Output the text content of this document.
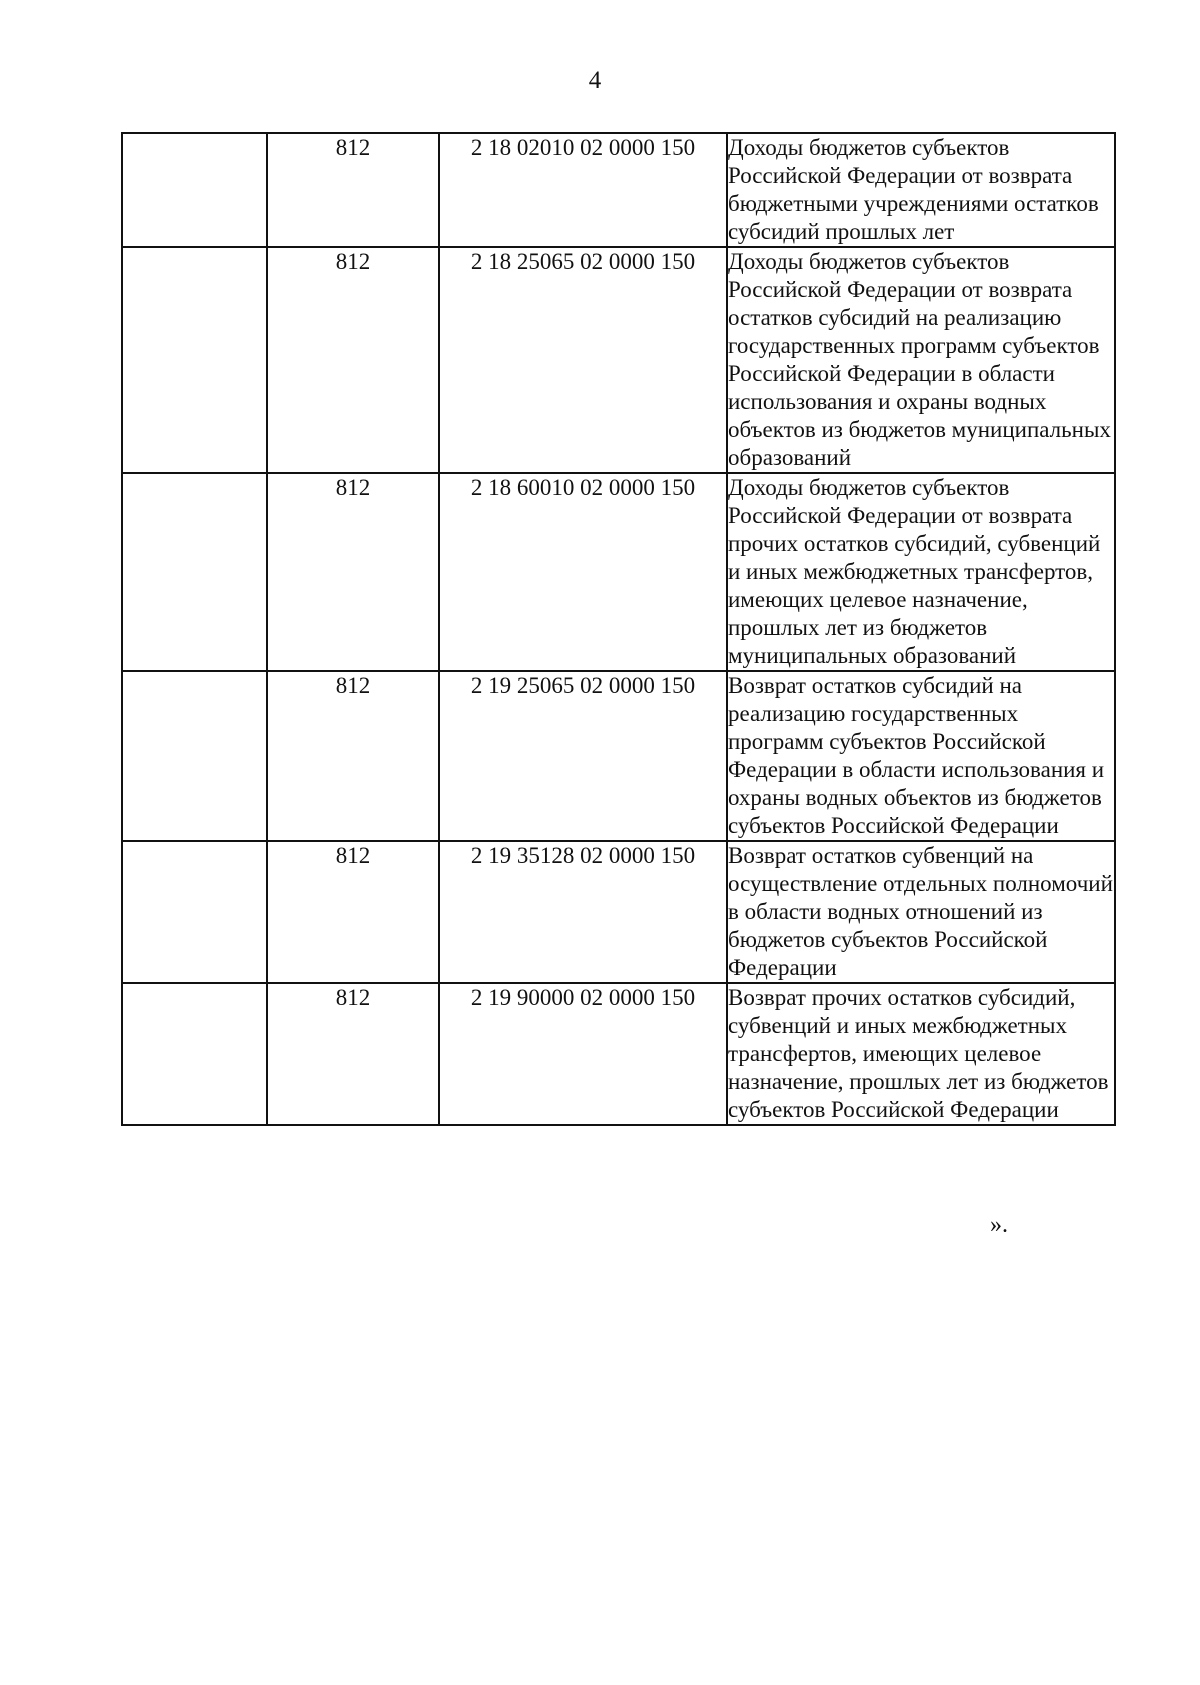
4
	812	2 18 02010 02 0000 150	Доходы бюджетов субъектов Российской Федерации от возврата бюджетными учреждениями остатков субсидий прошлых лет
	812	2 18 25065 02 0000 150	Доходы бюджетов субъектов Российской Федерации от возврата остатков субсидий на реализацию государственных программ субъектов Российской Федерации в области использования и охраны водных объектов из бюджетов муниципальных образований
	812	2 18 60010 02 0000 150	Доходы бюджетов субъектов Российской Федерации от возврата прочих остатков субсидий, субвенций и иных межбюджетных трансфертов, имеющих целевое назначение, прошлых лет из бюджетов муниципальных образований
	812	2 19 25065 02 0000 150	Возврат остатков субсидий на реализацию государственных программ субъектов Российской Федерации в области использования и охраны водных объектов из бюджетов субъектов Российской Федерации
	812	2 19 35128 02 0000 150	Возврат остатков субвенций на осуществление отдельных полномочий в области водных отношений из бюджетов субъектов Российской Федерации
	812	2 19 90000 02 0000 150	Возврат прочих остатков субсидий, субвенций и иных межбюджетных трансфертов, имеющих целевое назначение, прошлых лет из бюджетов субъектов Российской Федерации
».
